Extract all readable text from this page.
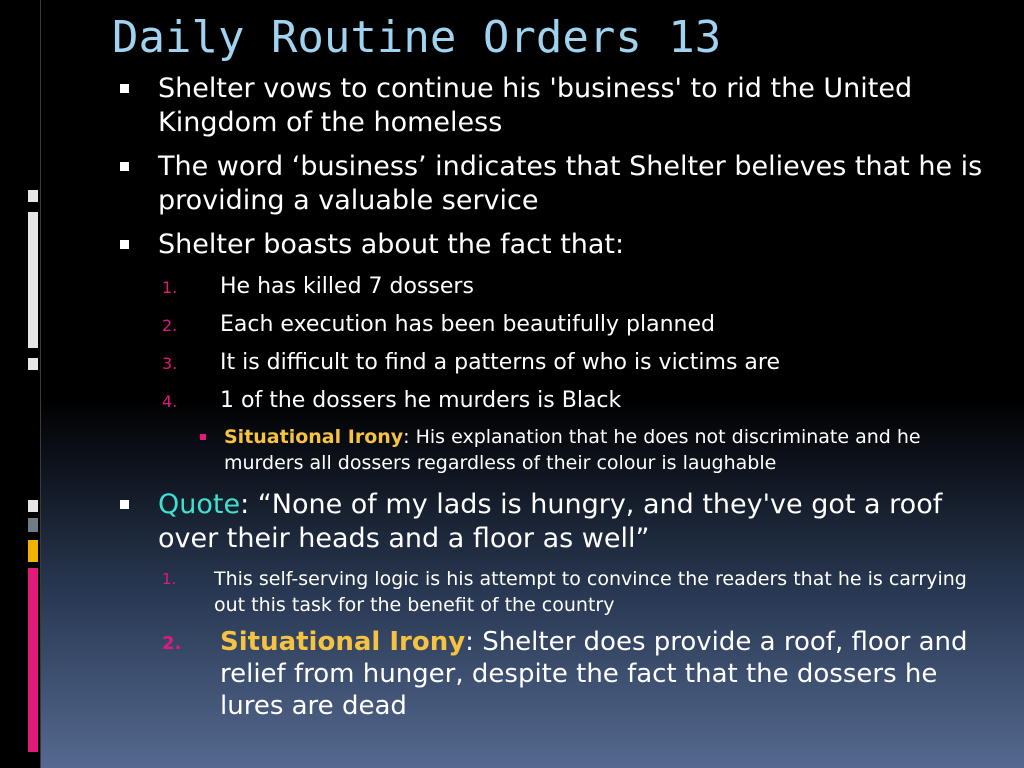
Daily Routine Orders 13
Shelter vows to continue his 'business' to rid the United Kingdom of the homeless
The word ‘business’ indicates that Shelter believes that he is providing a valuable service
Shelter boasts about the fact that:
1. He has killed 7 dossers
2. Each execution has been beautifully planned
3. It is difficult to find a patterns of who is victims are
4. 1 of the dossers he murders is Black
Situational Irony: His explanation that he does not discriminate and he murders all dossers regardless of their colour is laughable
Quote: “None of my lads is hungry, and they've got a roof over their heads and a floor as well”
1. This self-serving logic is his attempt to convince the readers that he is carrying out this task for the benefit of the country
2. Situational Irony: Shelter does provide a roof, floor and relief from hunger, despite the fact that the dossers he lures are dead
